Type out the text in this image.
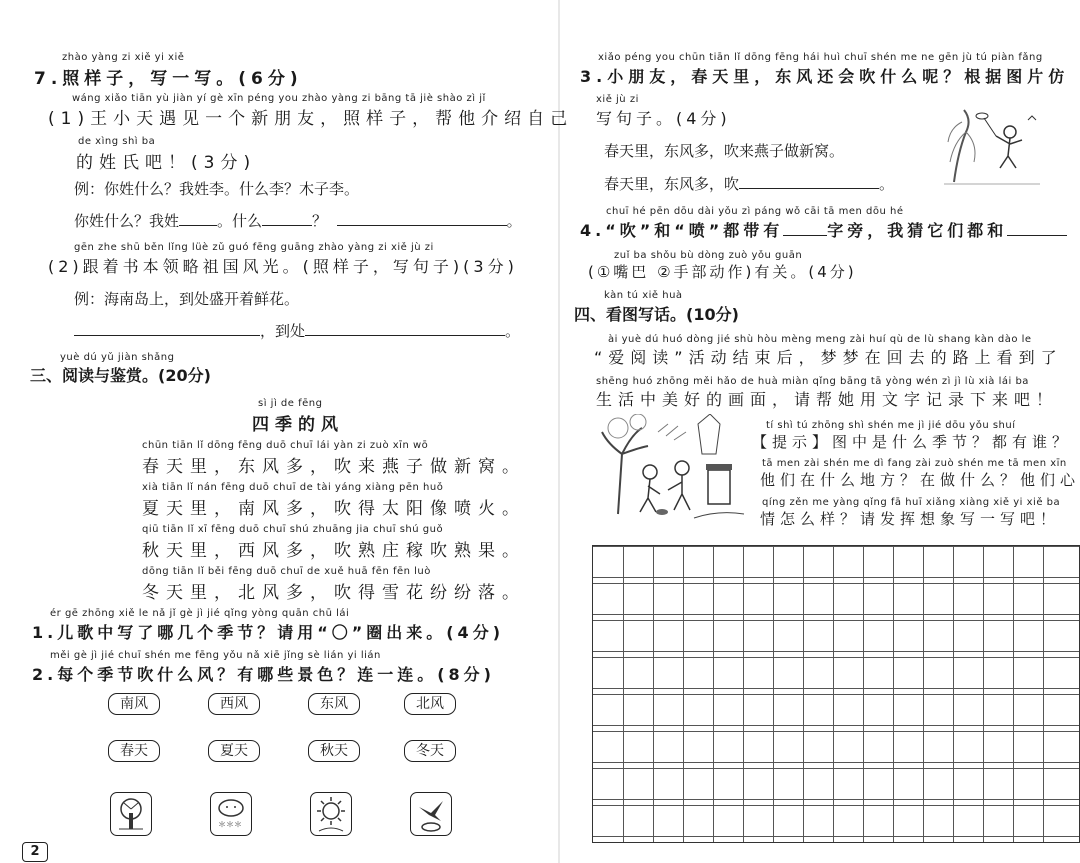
zhào yàng zi xiě yi xiě
7.照样子，写一写。(6分)
wáng xiǎo tiān yù jiàn yí gè xīn péng you zhào yàng zi bāng tā jiè shào zì jǐ
(1)王小天遇见一个新朋友，照样子，帮他介绍自己
de xìng shì ba
的姓氏吧！(3分)
例：你姓什么？我姓李。什么李？木子李。
你姓什么？我姓	。什么	？	。
gēn zhe shū běn lǐng lüè zǔ guó fēng guāng zhào yàng zi xiě jù zi
(2)跟着书本领略祖国风光。(照样子，写句子)(3分)
例：海南岛上，到处盛开着鲜花。
，到处	。
yuè dú yǔ jiàn shǎng
三、阅读与鉴赏。(20分)
sì jì de fēng
四季的风
chūn tiān lǐ dōng fēng duō chuī lái yàn zi zuò xīn wō
春天里，东风多，吹来燕子做新窝。
xià tiān lǐ nán fēng duō chuī de tài yáng xiàng pēn huǒ
夏天里，南风多，吹得太阳像喷火。
qiū tiān lǐ xī fēng duō chuī shú zhuāng jia chuī shú guǒ
秋天里，西风多，吹熟庄稼吹熟果。
dōng tiān lǐ běi fēng duō chuī de xuě huā fēn fēn luò
冬天里，北风多，吹得雪花纷纷落。
ér gē zhōng xiě le nǎ jǐ gè jì jié qǐng yòng quān chū lái
1.儿歌中写了哪几个季节？请用“〇”圈出来。(4分)
měi gè jì jié chuī shén me fēng yǒu nǎ xiē jǐng sè lián yi lián
2.每个季节吹什么风？有哪些景色？连一连。(8分)
南风	西风	东风	北风
春天	夏天	秋天	冬天
＊＊＊
2
xiǎo péng you chūn tiān lǐ dōng fēng hái huì chuī shén me ne gēn jù tú piàn fǎng
3.小朋友，春天里，东风还会吹什么呢？根据图片仿
xiě jù zi
写句子。(4分)
春天里，东风多，吹来燕子做新窝。
春天里，东风多，吹	。
chuī hé pēn dōu dài yǒu zì páng wǒ cāi tā men dōu hé
4.“吹”和“喷”都带有	字旁，我猜它们都和
zuǐ ba shǒu bù dòng zuò yǒu guān
(①嘴巴 ②手部动作)有关。(4分)
kàn tú xiě huà
四、看图写话。(10分)
ài yuè dú huó dòng jié shù hòu mèng meng zài huí qù de lù shang kàn dào le
“爱阅读”活动结束后，梦梦在回去的路上看到了
shēng huó zhōng měi hǎo de huà miàn qǐng bāng tā yòng wén zì jì lù xià lái ba
生活中美好的画面，请帮她用文字记录下来吧！
tí shì tú zhōng shì shén me jì jié dōu yǒu shuí
【提示】图中是什么季节？都有谁？
tā men zài shén me dì fang zài zuò shén me tā men xīn
他们在什么地方？在做什么？他们心
qíng zěn me yàng qǐng fā huī xiǎng xiàng xiě yi xiě ba
情怎么样？请发挥想象写一写吧！
